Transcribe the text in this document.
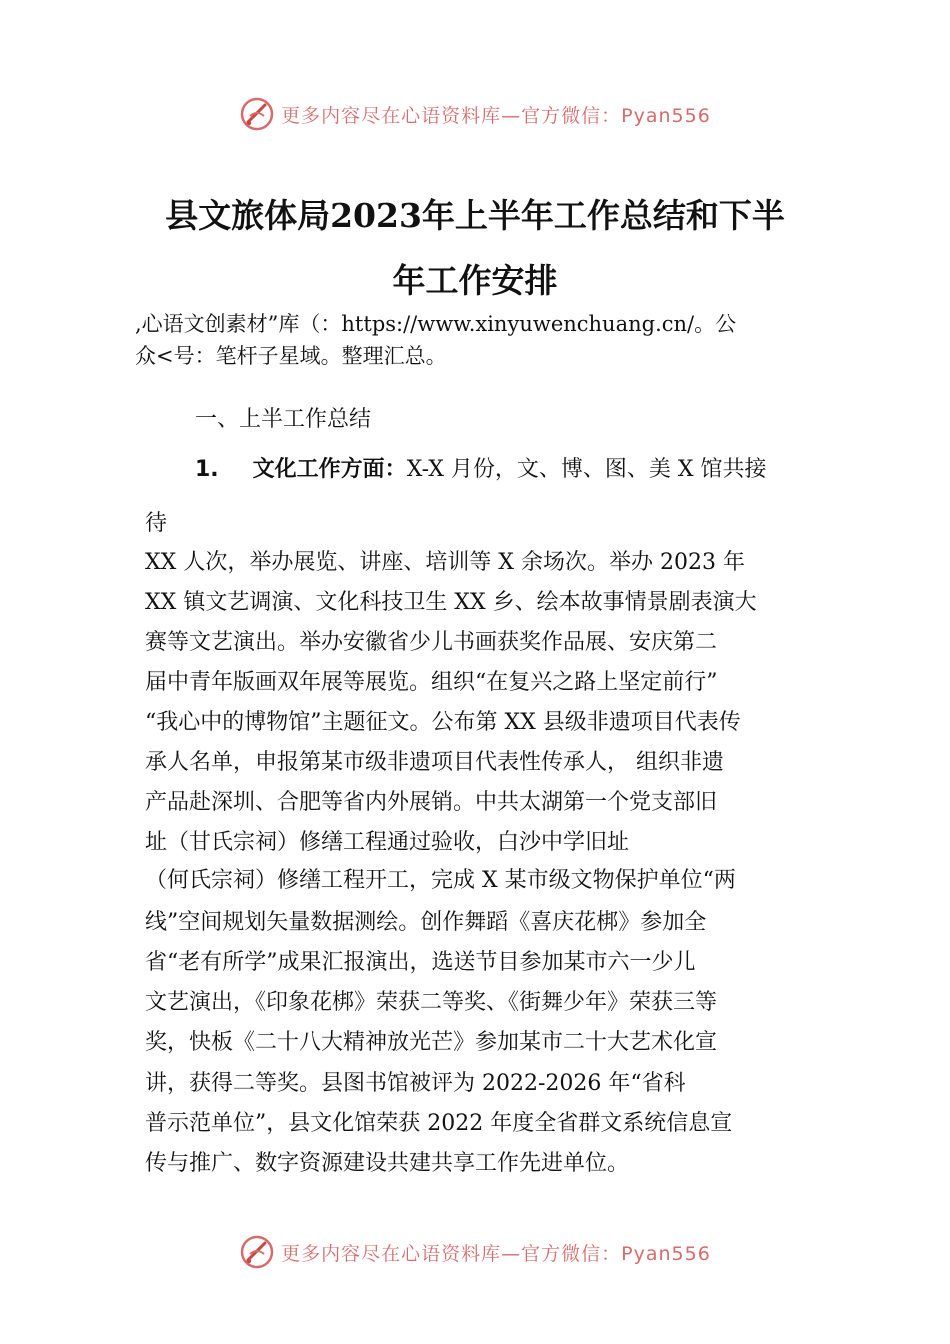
更多内容尽在心语资料库—官方微信：Pyan556
县文旅体局2023年上半年工作总结和下半
年工作安排
,心语文创素材”库（：https://www.xinyuwenchuang.cn/。公
众<号：笔杆子星域。整理汇总。
一、上半工作总结
1. 文化工作方面：X-X 月份，文、博、图、美 X 馆共接
待
XX 人次，举办展览、讲座、培训等 X 余场次。举办 2023 年
XX 镇文艺调演、文化科技卫生 XX 乡、绘本故事情景剧表演大
赛等文艺演出。举办安徽省少儿书画获奖作品展、安庆第二
届中青年版画双年展等展览。组织“在复兴之路上坚定前行”
“我心中的博物馆”主题征文。公布第 XX 县级非遗项目代表传
承人名单，申报第某市级非遗项目代表性传承人， 组织非遗
产品赴深圳、合肥等省内外展销。中共太湖第一个党支部旧
址（甘氏宗祠）修缮工程通过验收，白沙中学旧址
（何氏宗祠）修缮工程开工，完成 X 某市级文物保护单位“两
线”空间规划矢量数据测绘。创作舞蹈《喜庆花梆》参加全
省“老有所学”成果汇报演出，选送节目参加某市六一少儿
文艺演出，《印象花梆》荣获二等奖、《街舞少年》荣获三等
奖，快板《二十八大精神放光芒》参加某市二十大艺术化宣
讲，获得二等奖。县图书馆被评为 2022-2026 年“省科
普示范单位”，县文化馆荣获 2022 年度全省群文系统信息宣
传与推广、数字资源建设共建共享工作先进单位。
更多内容尽在心语资料库—官方微信：Pyan556
